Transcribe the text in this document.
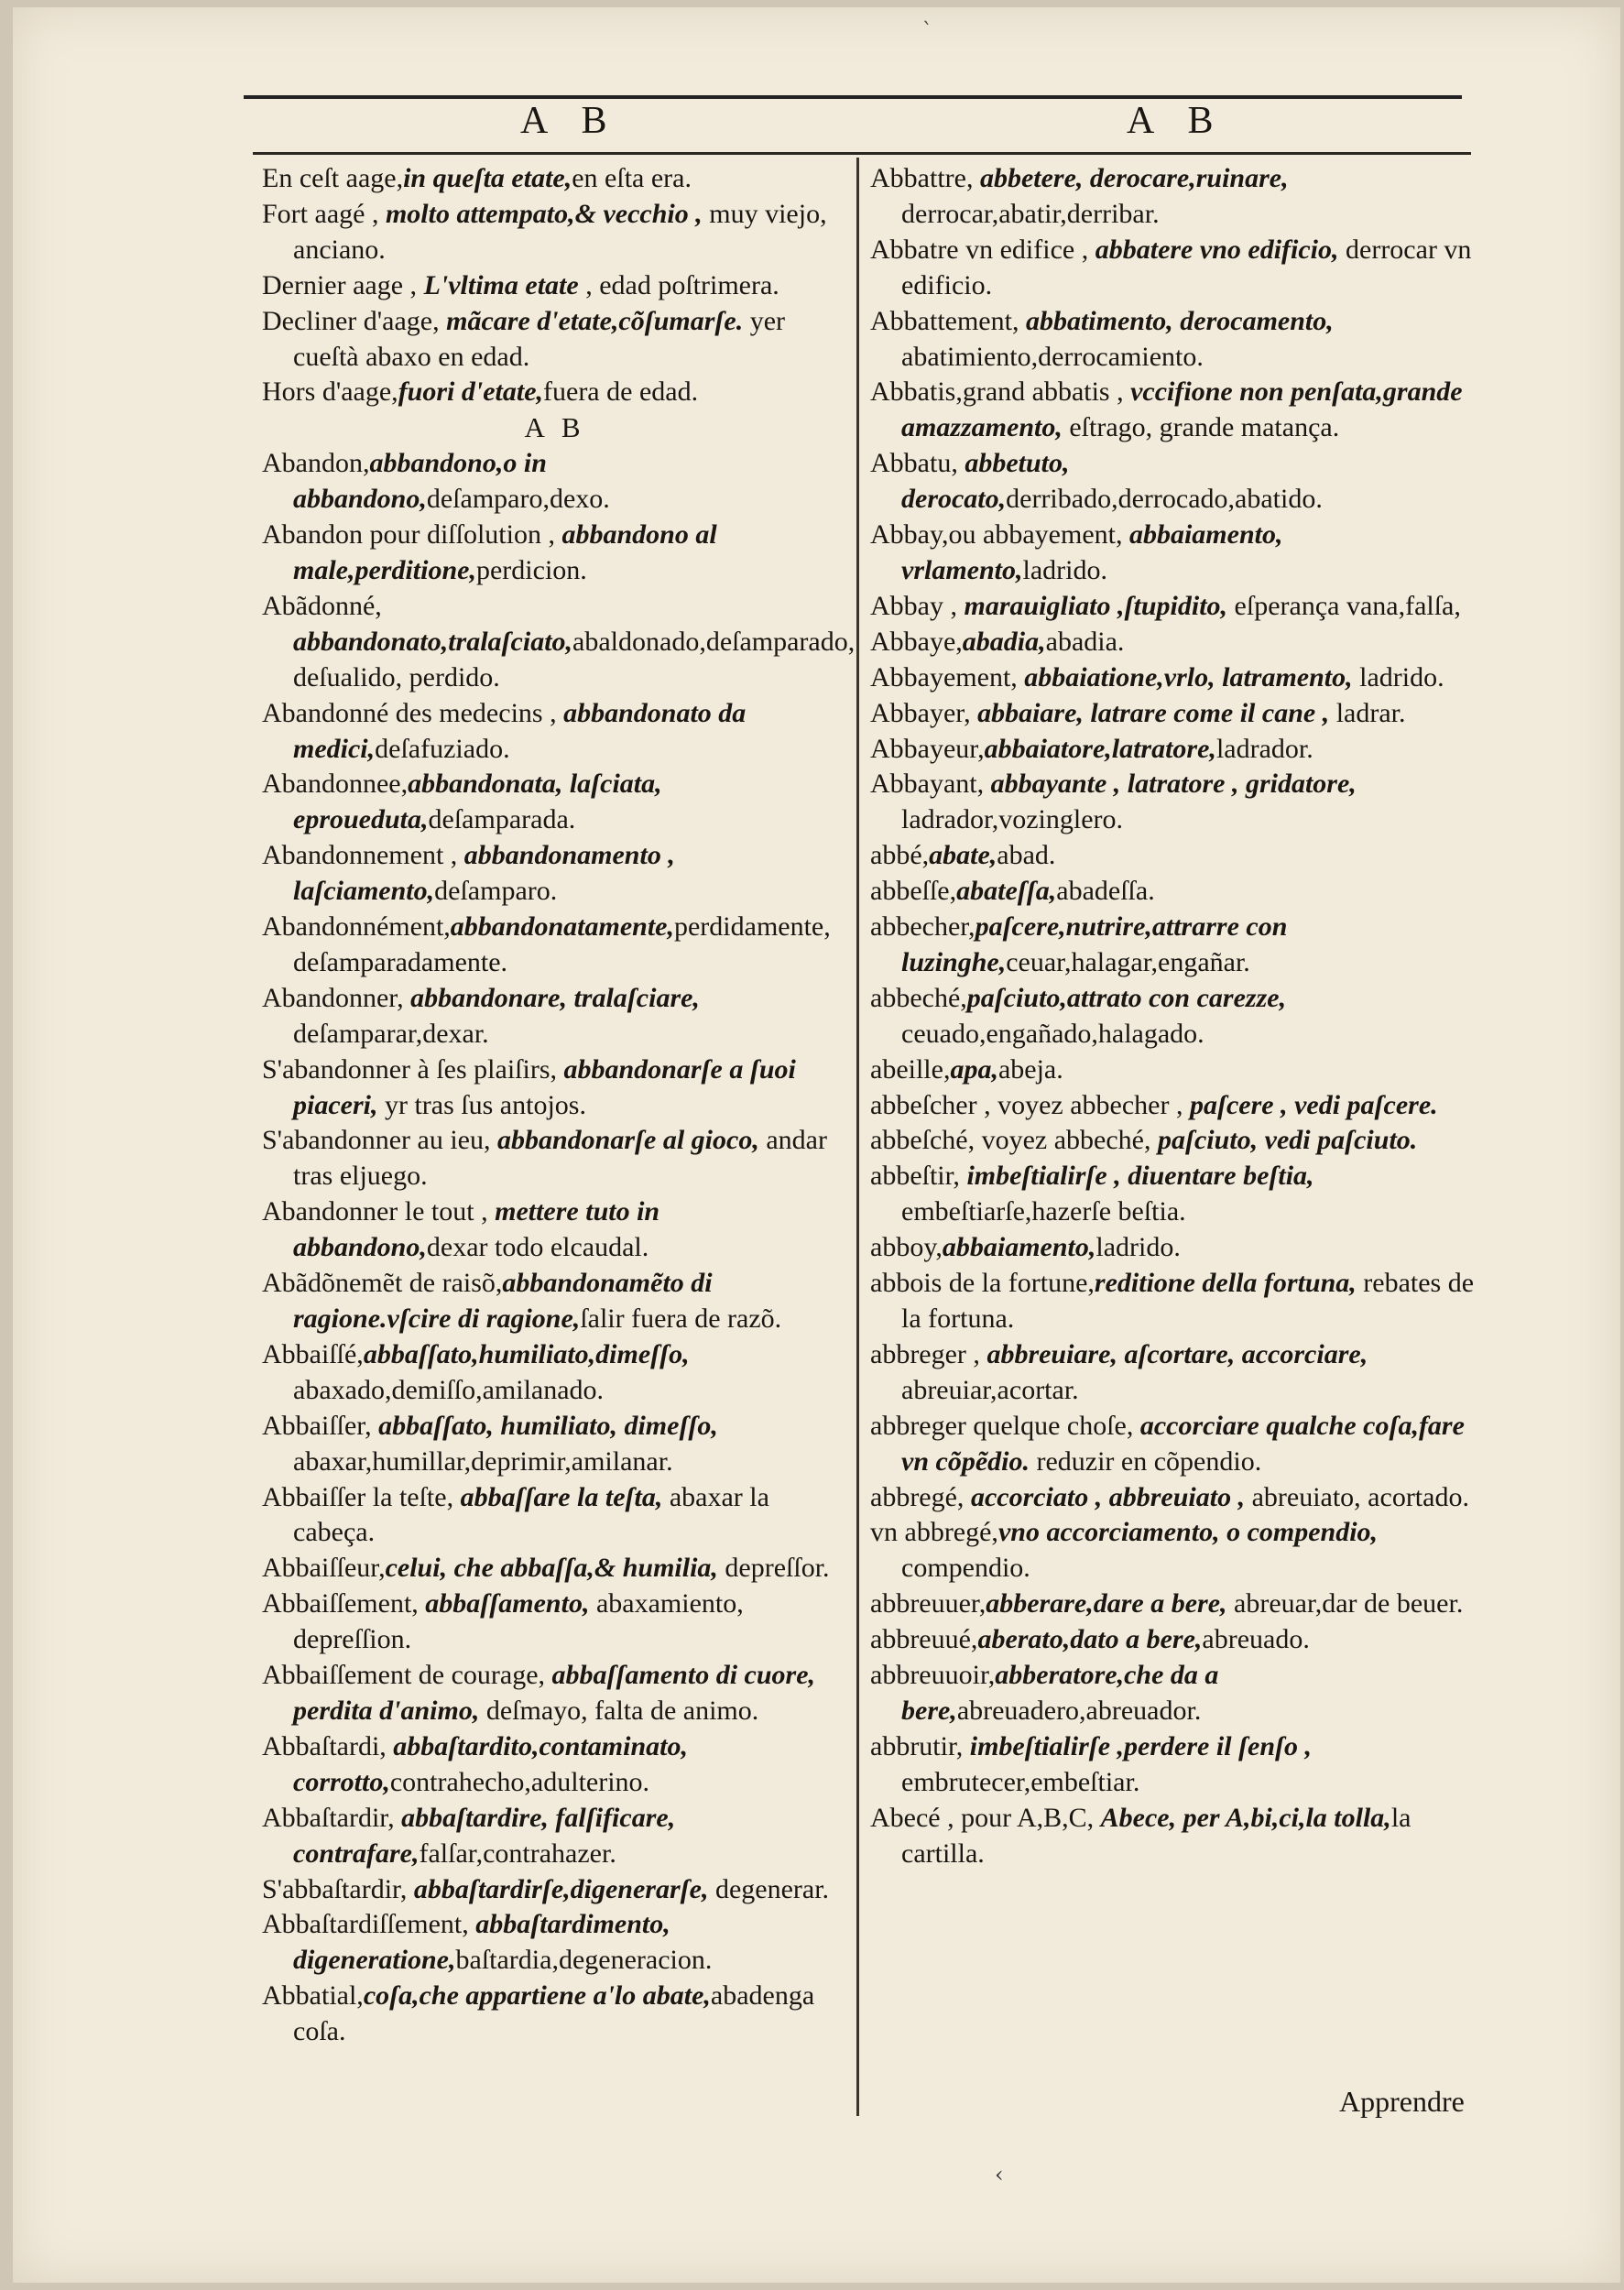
`
A B	A B

En ceſt aage,in queſta etate,en eſta era.

Fort aagé , molto attempato,& vecchio , muy viejo, anciano.

Dernier aage , L'vltima etate , edad poſtrimera.

Decliner d'aage, mãcare d'etate,cõſumarſe. yer cueſtà abaxo en edad.

Hors d'aage,fuori d'etate,fuera de edad.

A B

Abandon,abbandono,o in abbandono,deſamparo,dexo.

Abandon pour diſſolution , abbandono al male,perditione,perdicion.

Abãdonné, abbandonato,tralaſciato,abaldonado,deſamparado, deſualido, perdido.

Abandonné des medecins , abbandonato da medici,deſafuziado.

Abandonnee,abbandonata, laſciata, eproueduta,deſamparada.

Abandonnement , abbandonamento , laſciamento,deſamparo.

Abandonnément,abbandonatamente,perdidamente, deſamparadamente.

Abandonner, abbandonare, tralaſciare, deſamparar,dexar.

S'abandonner à ſes plaiſirs, abbandonarſe a ſuoi piaceri, yr tras ſus antojos.

S'abandonner au ieu, abbandonarſe al gioco, andar tras eljuego.

Abandonner le tout , mettere tuto in abbandono,dexar todo elcaudal.

Abãdõnemẽt de raisõ,abbandonamẽto di ragione.vſcire di ragione,ſalir fuera de razõ.

Abbaiſſé,abbaſſato,humiliato,dimeſſo, abaxado,demiſſo,amilanado.

Abbaiſſer, abbaſſato, humiliato, dimeſſo, abaxar,humillar,deprimir,amilanar.

Abbaiſſer la teſte, abbaſſare la teſta, abaxar la cabeça.

Abbaiſſeur,celui, che abbaſſa,& humilia, depreſſor.

Abbaiſſement, abbaſſamento, abaxamiento, depreſſion.

Abbaiſſement de courage, abbaſſamento di cuore, perdita d'animo, deſmayo, falta de animo.

Abbaſtardi, abbaſtardito,contaminato, corrotto,contrahecho,adulterino.

Abbaſtardir, abbaſtardire, falſificare, contrafare,falſar,contrahazer.

S'abbaſtardir, abbaſtardirſe,digenerarſe, degenerar.

Abbaſtardiſſement, abbaſtardimento, digeneratione,baſtardia,degeneracion.

Abbatial,coſa,che appartiene a'lo abate,abadenga coſa.

Abbattre, abbetere, derocare,ruinare, derrocar,abatir,derribar.

Abbatre vn edifice , abbatere vno edificio, derrocar vn edificio.

Abbattement, abbatimento, derocamento, abatimiento,derrocamiento.

Abbatis,grand abbatis , vccifione non penſata,grande amazzamento, eſtrago, grande matança.

Abbatu, abbetuto, derocato,derribado,derrocado,abatido.

Abbay,ou abbayement, abbaiamento, vrlamento,ladrido.

Abbay , marauigliato ,ſtupidito, eſperança vana,falſa,

Abbaye,abadia,abadia.

Abbayement, abbaiatione,vrlo, latramento, ladrido.

Abbayer, abbaiare, latrare come il cane , ladrar.

Abbayeur,abbaiatore,latratore,ladrador.

Abbayant, abbayante , latratore , gridatore, ladrador,vozinglero.

abbé,abate,abad.

abbeſſe,abateſſa,abadeſſa.

abbecher,paſcere,nutrire,attrarre con luzinghe,ceuar,halagar,engañar.

abbeché,paſciuto,attrato con carezze, ceuado,engañado,halagado.

abeille,apa,abeja.

abbeſcher , voyez abbecher , paſcere , vedi paſcere.

abbeſché, voyez abbeché, paſciuto, vedi paſciuto.

abbeſtir, imbeſtialirſe , diuentare beſtia, embeſtiarſe,hazerſe beſtia.

abboy,abbaiamento,ladrido.

abbois de la fortune,reditione della fortuna, rebates de la fortuna.

abbreger , abbreuiare, aſcortare, accorciare, abreuiar,acortar.

abbreger quelque choſe, accorciare qualche coſa,fare vn cõpẽdio. reduzir en cõpendio.

abbregé, accorciato , abbreuiato , abreuiato, acortado.

vn abbregé,vno accorciamento, o compendio, compendio.

abbreuuer,abberare,dare a bere, abreuar,dar de beuer.

abbreuué,aberato,dato a bere,abreuado.

abbreuuoir,abberatore,che da a bere,abreuadero,abreuador.

abbrutir, imbeſtialirſe ,perdere il ſenſo , embrutecer,embeſtiar.

Abecé , pour A,B,C, Abece, per A,bi,ci,la tolla,la cartilla.

Apprendre
‹
